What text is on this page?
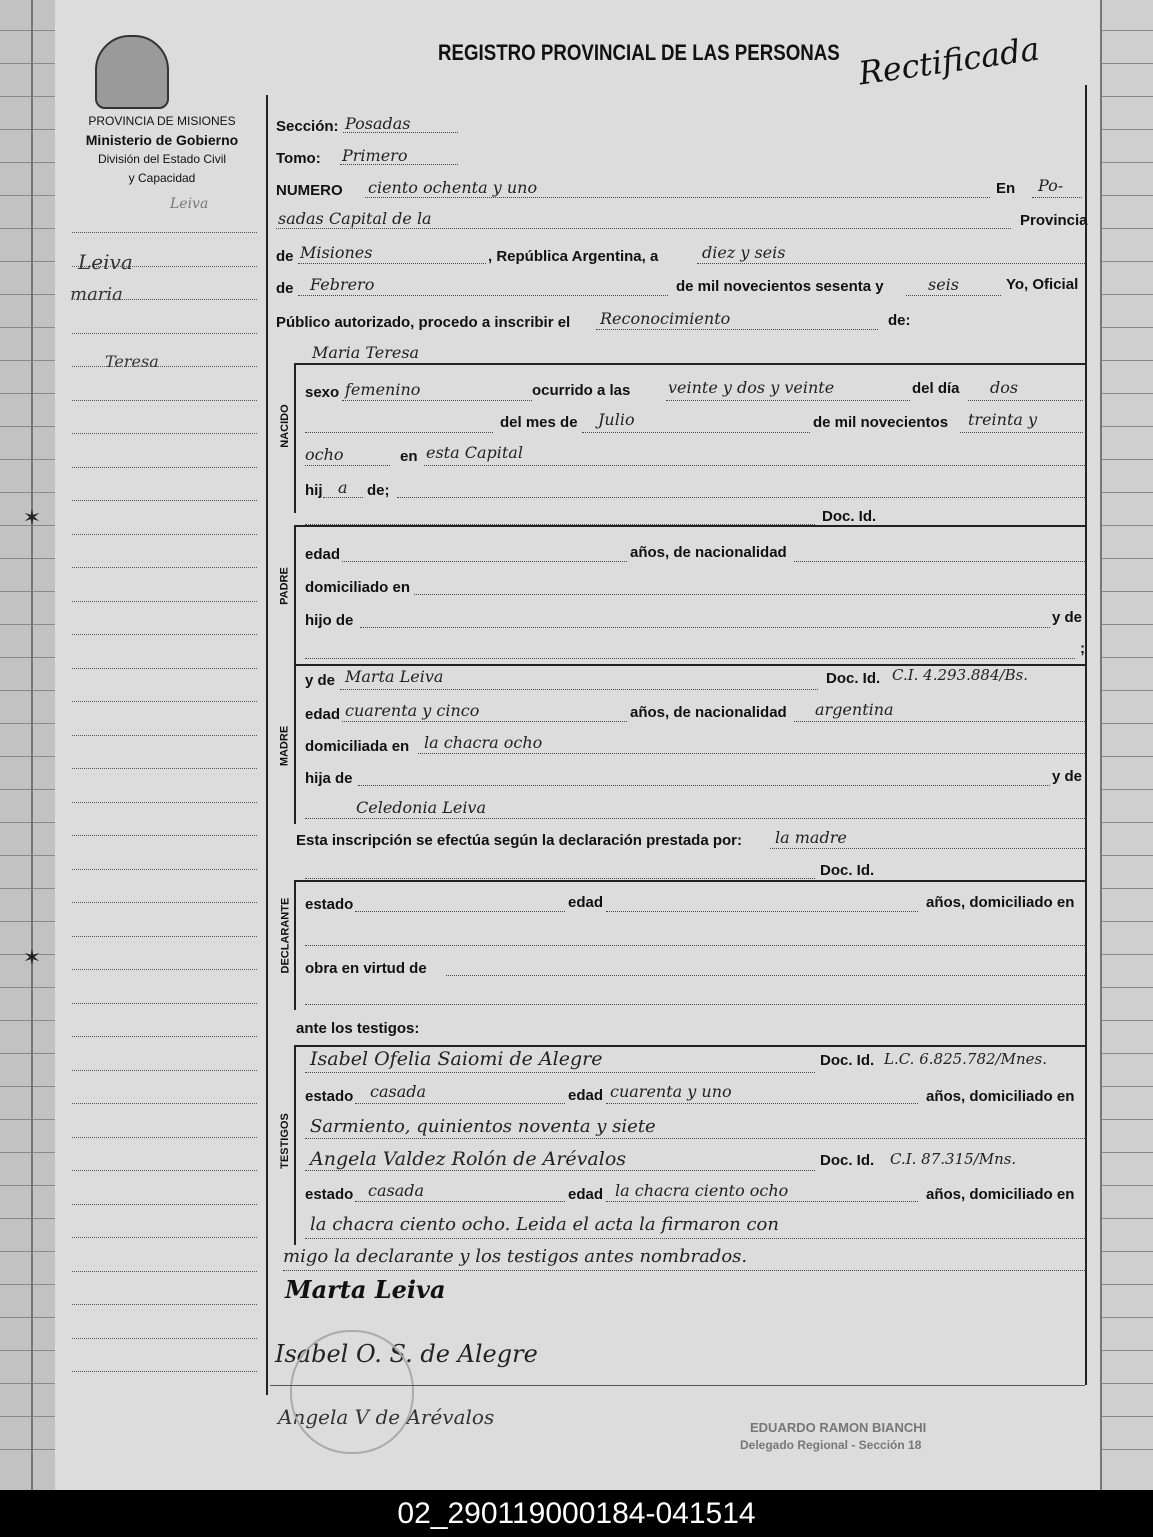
✶
✶
PROVINCIA DE MISIONES
Ministerio de Gobierno
División del Estado Civil
y Capacidad
Leiva
Leiva
maria
Teresa
REGISTRO PROVINCIAL DE LAS PERSONAS Rectificada
Sección: Posadas
Tomo: Primero
NUMERO ciento ochenta y uno	En Po-
sadas Capital de la	Provincia
de Misiones	, República Argentina, a	diez y seis
de Febrero	de mil novecientos sesenta y	seis	Yo, Oficial
Público autorizado, procedo a inscribir el Reconocimiento	de:
Maria Teresa
NACIDO
sexo femenino	ocurrido a las veinte y dos y veinte	del día dos
del mes de Julio	de mil novecientos treinta y
ocho	en esta Capital
hij a de;
Doc. Id.
PADRE
edad	años, de nacionalidad
domiciliado en
hijo de	y de
;
MADRE
y de Marta Leiva	Doc. Id. C.I. 4.293.884/Bs.
edad cuarenta y cinco	años, de nacionalidad argentina
domiciliada en la chacra ocho
hija de	y de
Celedonia Leiva
Esta inscripción se efectúa según la declaración prestada por: la madre
Doc. Id.
DECLARANTE estado	edad	años, domiciliado en
obra en virtud de
ante los testigos:
TESTIGOS
Isabel Ofelia Saiomi de Alegre	Doc. Id. L.C. 6.825.782/Mnes.
estado casada	edad cuarenta y uno	años, domiciliado en
Sarmiento, quinientos noventa y siete
Angela Valdez Rolón de Arévalos	Doc. Id. C.I. 87.315/Mns.
estado casada	edad la chacra ciento ocho	años, domiciliado en
la chacra ciento ocho. Leida el acta la firmaron con
migo la declarante y los testigos antes nombrados.
Marta Leiva
Isabel O. S. de Alegre
Angela V de Arévalos	EDUARDO RAMON BIANCHI
Delegado Regional - Sección 18
02_290119000184-041514
